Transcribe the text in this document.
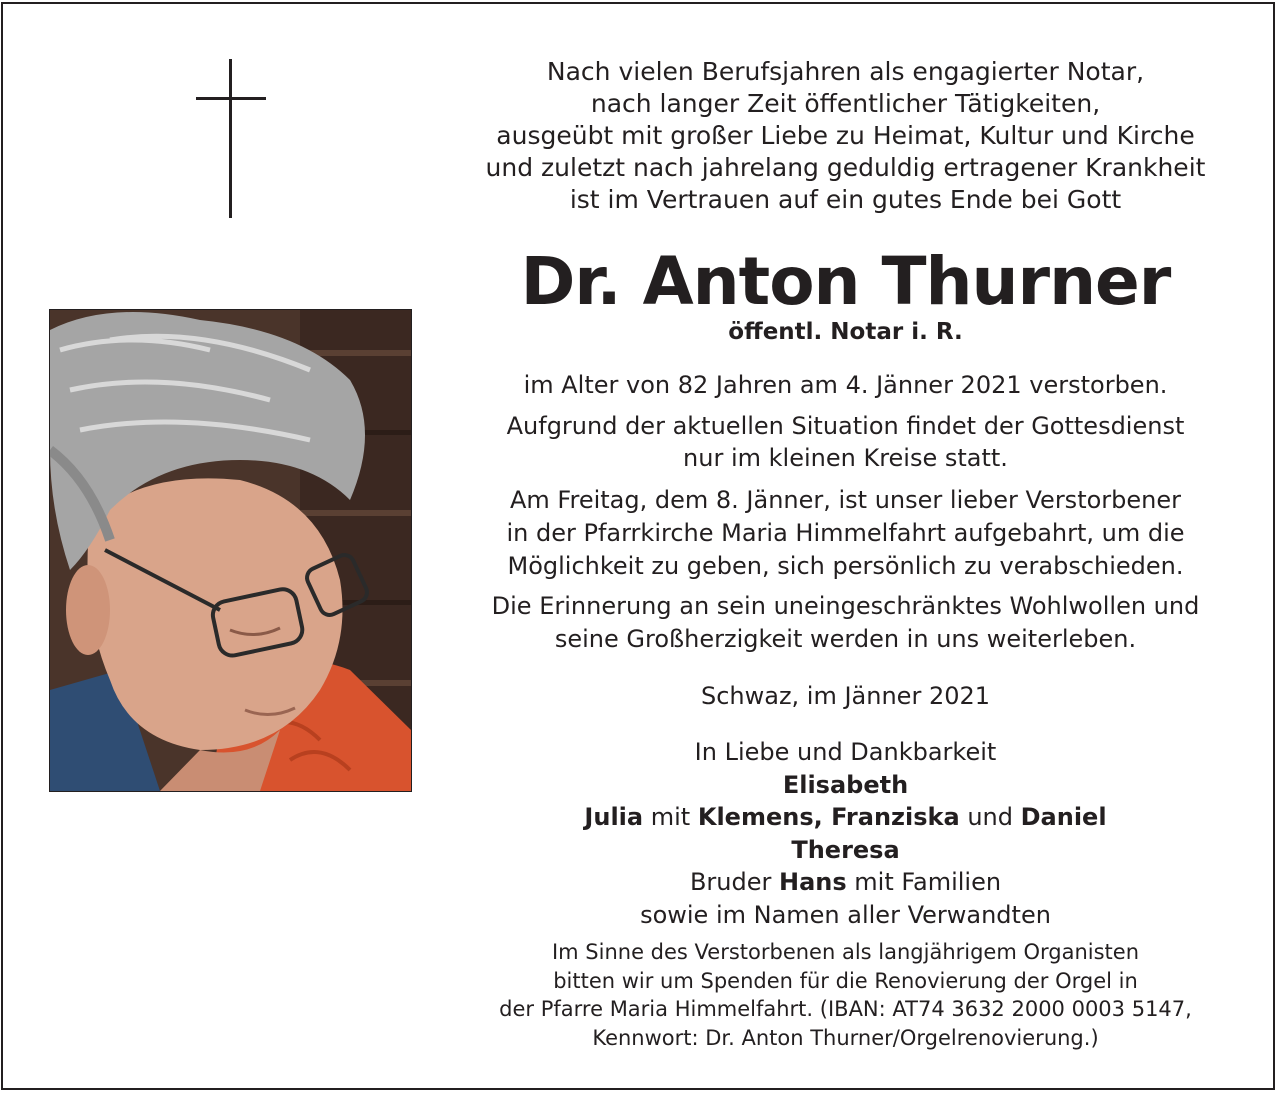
Nach vielen Berufsjahren als engagierter Notar,
nach langer Zeit öffentlicher Tätigkeiten,
ausgeübt mit großer Liebe zu Heimat, Kultur und Kirche
und zuletzt nach jahrelang geduldig ertragener Krankheit
ist im Vertrauen auf ein gutes Ende bei Gott
Dr. Anton Thurner
öffentl. Notar i. R.
im Alter von 82 Jahren am 4. Jänner 2021 verstorben.
Aufgrund der aktuellen Situation findet der Gottesdienst
nur im kleinen Kreise statt.
Am Freitag, dem 8. Jänner, ist unser lieber Verstorbener
in der Pfarrkirche Maria Himmelfahrt aufgebahrt, um die
Möglichkeit zu geben, sich persönlich zu verabschieden.
Die Erinnerung an sein uneingeschränktes Wohlwollen und
seine Großherzigkeit werden in uns weiterleben.
Schwaz, im Jänner 2021
In Liebe und Dankbarkeit
Elisabeth
Julia mit Klemens, Franziska und Daniel
Theresa
Bruder Hans mit Familien
sowie im Namen aller Verwandten
Im Sinne des Verstorbenen als langjährigem Organisten
bitten wir um Spenden für die Renovierung der Orgel in
der Pfarre Maria Himmelfahrt. (IBAN: AT74 3632 2000 0003 5147,
Kennwort: Dr. Anton Thurner/Orgelrenovierung.)
